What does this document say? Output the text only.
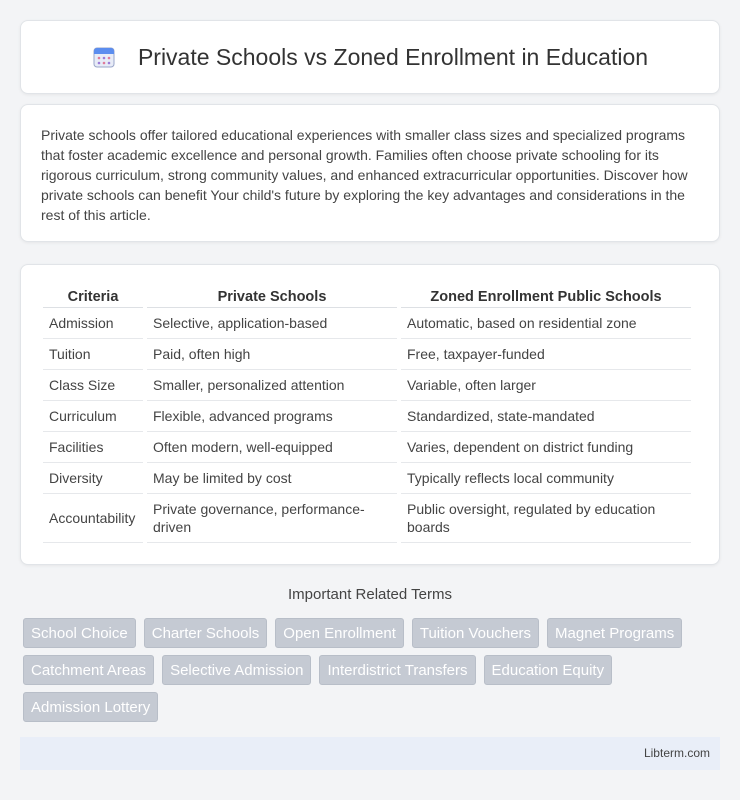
Private Schools vs Zoned Enrollment in Education

Private schools offer tailored educational experiences with smaller class sizes and specialized programs that foster academic excellence and personal growth. Families often choose private schooling for its rigorous curriculum, strong community values, and enhanced extracurricular opportunities. Discover how private schools can benefit Your child's future by exploring the key advantages and considerations in the rest of this article.

Criteria	Private Schools	Zoned Enrollment Public Schools
Admission	Selective, application-based	Automatic, based on residential zone
Tuition	Paid, often high	Free, taxpayer-funded
Class Size	Smaller, personalized attention	Variable, often larger
Curriculum	Flexible, advanced programs	Standardized, state-mandated
Facilities	Often modern, well-equipped	Varies, dependent on district funding
Diversity	May be limited by cost	Typically reflects local community
Accountability	Private governance, performance-driven	Public oversight, regulated by education boards
Important Related Terms
School Choice	Charter Schools	Open Enrollment	Tuition Vouchers	Magnet Programs
Catchment Areas	Selective Admission	Interdistrict Transfers	Education Equity
Admission Lottery
Libterm.com
